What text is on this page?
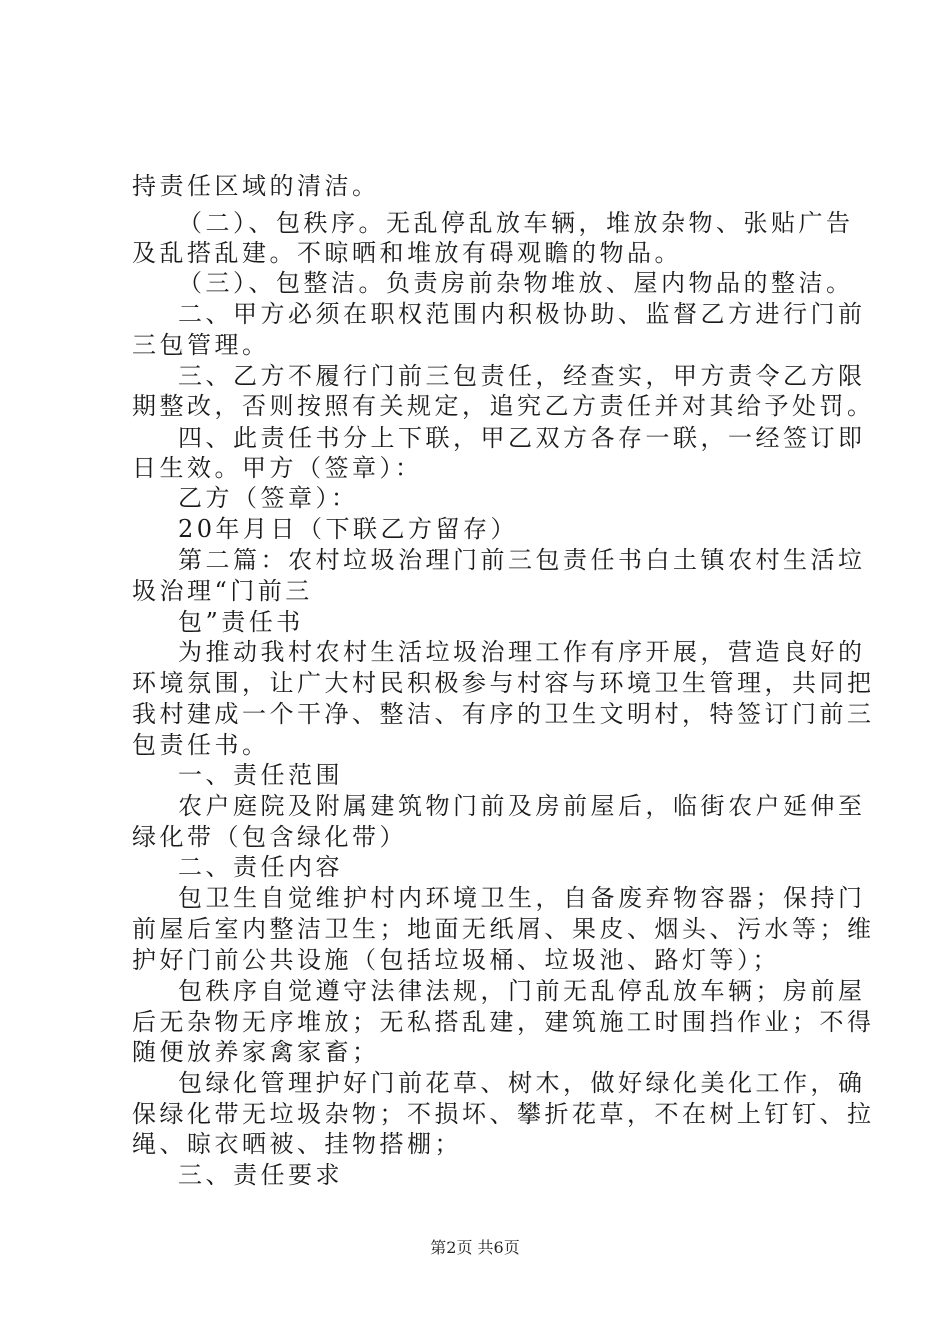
持责任区域的清洁。
（二）、包秩序。无乱停乱放车辆，堆放杂物、张贴广告
及乱搭乱建。不晾晒和堆放有碍观瞻的物品。
（三）、包整洁。负责房前杂物堆放、屋内物品的整洁。
二、甲方必须在职权范围内积极协助、监督乙方进行门前
三包管理。
三、乙方不履行门前三包责任，经查实，甲方责令乙方限
期整改，否则按照有关规定，追究乙方责任并对其给予处罚。
四、此责任书分上下联，甲乙双方各存一联，一经签订即
日生效。甲方（签章）：
乙方（签章）：
20年月日（下联乙方留存）
第二篇：农村垃圾治理门前三包责任书白土镇农村生活垃
圾治理“门前三
包”责任书
为推动我村农村生活垃圾治理工作有序开展，营造良好的
环境氛围，让广大村民积极参与村容与环境卫生管理，共同把
我村建成一个干净、整洁、有序的卫生文明村，特签订门前三
包责任书。
一、责任范围
农户庭院及附属建筑物门前及房前屋后，临街农户延伸至
绿化带（包含绿化带）
二、责任内容
包卫生自觉维护村内环境卫生，自备废弃物容器；保持门
前屋后室内整洁卫生；地面无纸屑、果皮、烟头、污水等；维
护好门前公共设施（包括垃圾桶、垃圾池、路灯等）；
包秩序自觉遵守法律法规，门前无乱停乱放车辆；房前屋
后无杂物无序堆放；无私搭乱建，建筑施工时围挡作业；不得
随便放养家禽家畜；
包绿化管理护好门前花草、树木，做好绿化美化工作，确
保绿化带无垃圾杂物；不损坏、攀折花草，不在树上钉钉、拉
绳、晾衣晒被、挂物搭棚；
三、责任要求
第2页 共6页
